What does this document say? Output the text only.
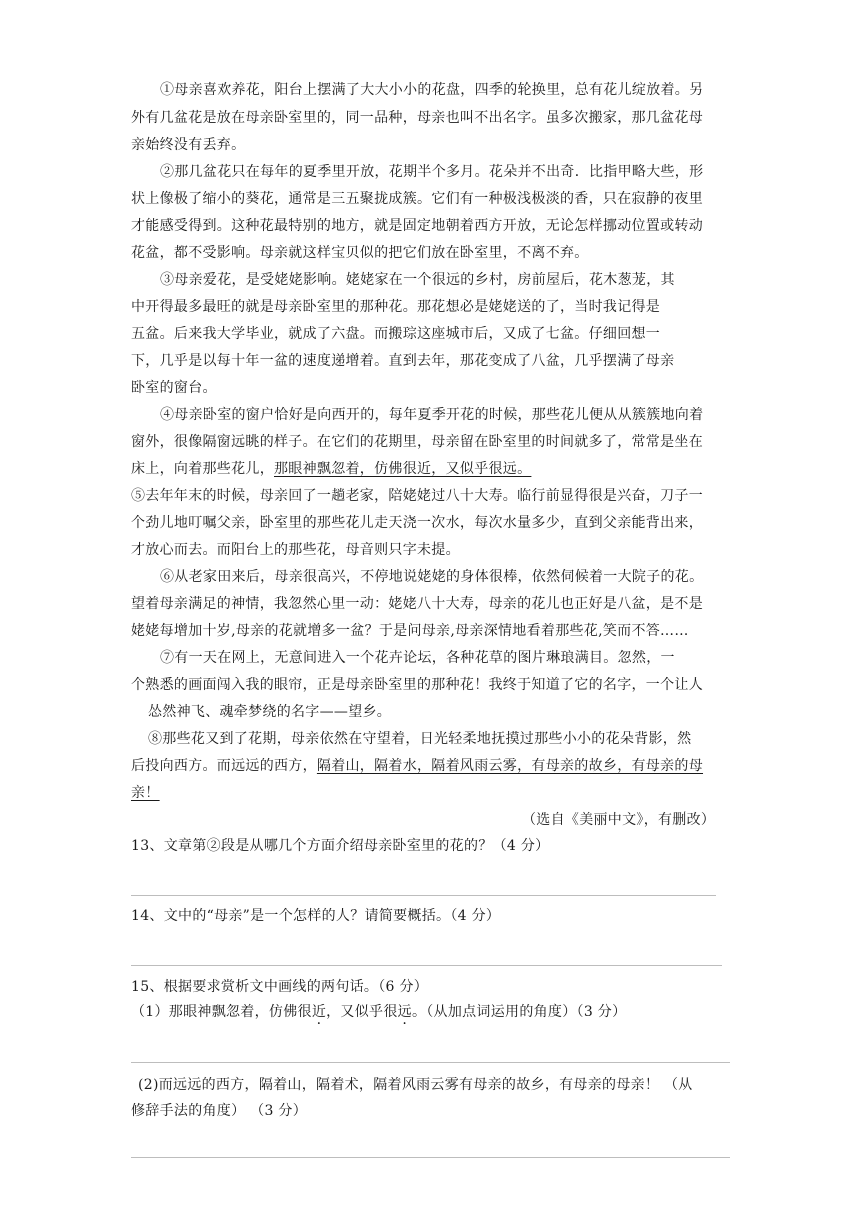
①母亲喜欢养花，阳台上摆满了大大小小的花盘，四季的轮换里，总有花儿绽放着。另
外有几盆花是放在母亲卧室里的，同一品种，母亲也叫不出名字。虽多次搬家，那几盆花母
亲始终没有丢弃。
②那几盆花只在每年的夏季里开放，花期半个多月。花朵并不出奇．比指甲略大些，形
状上像极了缩小的葵花，通常是三五聚拢成簇。它们有一种极浅极淡的香，只在寂静的夜里
才能感受得到。这种花最特别的地方，就是固定地朝着西方开放，无论怎样挪动位置或转动
花盆，都不受影响。母亲就这样宝贝似的把它们放在卧室里，不离不弃。
③母亲爱花，是受姥姥影响。姥姥家在一个很远的乡村，房前屋后，花木葱茏，其
中开得最多最旺的就是母亲卧室里的那种花。那花想必是姥姥送的了，当时我记得是
五盆。后来我大学毕业，就成了六盘。而搬琮这座城市后，又成了七盆。仔细回想一
下，几乎是以每十年一盆的速度递增着。直到去年，那花变成了八盆，几乎摆满了母亲
卧室的窗台。
④母亲卧室的窗户恰好是向西开的，每年夏季开花的时候，那些花儿便从从簇簇地向着
窗外，很像隔窗远眺的样子。在它们的花期里，母亲留在卧室里的时间就多了，常常是坐在
床上，向着那些花儿，那眼神飘忽着，仿佛很近，又似乎很远。
⑤去年年末的时候，母亲回了一趟老家，陪姥姥过八十大寿。临行前显得很是兴奋，刀子一
个劲儿地叮嘱父亲，卧室里的那些花儿走天浇一次水，每次水量多少，直到父亲能背出来，
才放心而去。而阳台上的那些花，母音则只字未提。
⑥从老家田来后，母亲很高兴，不停地说姥姥的身体很棒，依然伺候着一大院子的花。
望着母亲满足的神情，我忽然心里一动：姥姥八十大寿，母亲的花儿也正好是八盆，是不是
姥姥每增加十岁,母亲的花就增多一盆？于是问母亲,母亲深情地看着那些花,笑而不答……
⑦有一天在网上，无意间进入一个花卉论坛，各种花草的图片琳琅满目。忽然，一
个熟悉的画面闯入我的眼帘，正是母亲卧室里的那种花！我终于知道了它的名字，一个让人
怂然神飞、魂牵梦绕的名字——望乡。
⑧那些花又到了花期，母亲依然在守望着，日光轻柔地抚摸过那些小小的花朵背影，然
后投向西方。而远远的西方，隔着山，隔着水，隔着风雨云雾，有母亲的故乡，有母亲的母
亲！
（选自《美丽中文》，有删改）
13、文章第②段是从哪几个方面介绍母亲卧室里的花的？（4 分）
14、文中的“母亲”是一个怎样的人？请简要概括。（4 分）
15、根据要求赏析文中画线的两句话。（6 分）
（1）那眼神飘忽着，仿佛很近，又似乎很远。（从加点词运用的角度）（3 分）
(2)而远远的西方，隔着山，隔着术，隔着风雨云雾有母亲的故乡，有母亲的母亲！ （从
修辞手法的角度） （3 分）
